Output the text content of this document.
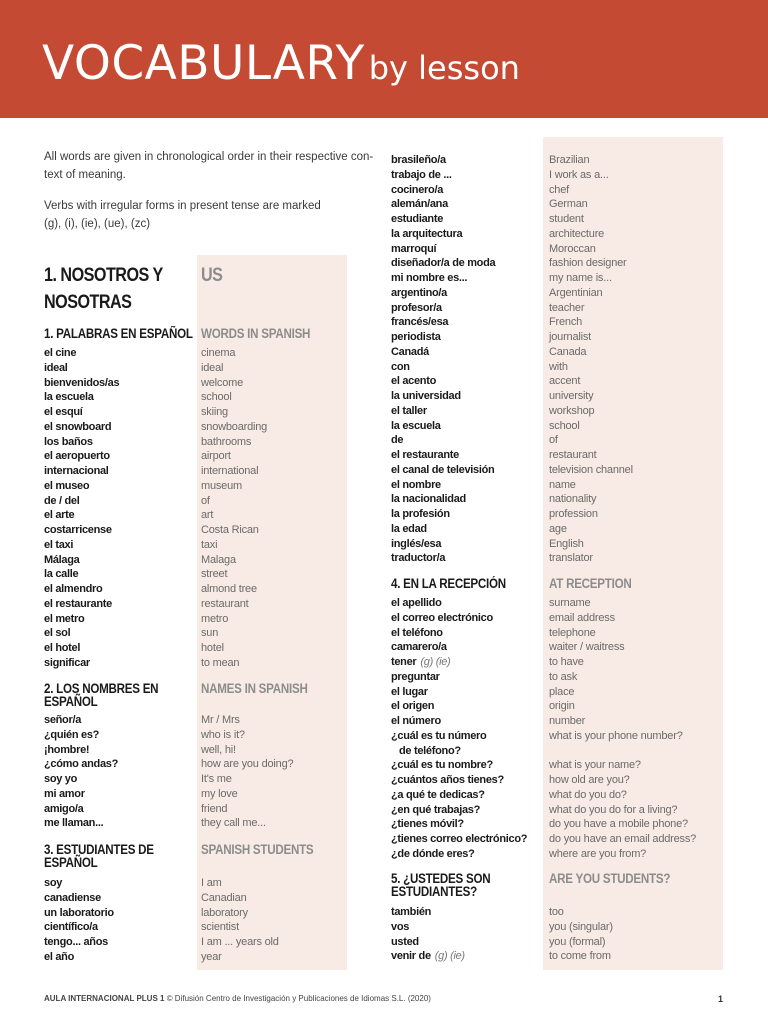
VOCABULARY by lesson

All words are given in chronological order in their respective con-text of meaning.

Verbs with irregular forms in present tense are marked

(g), (i), (ie), (ue), (zc)

1. NOSOTROS Y NOSOTRAS
US
1. PALABRAS EN ESPAÑOL WORDS IN SPANISH
el cine
ideal
bienvenidos/as
la escuela
el esquí
el snowboard
los baños
el aeropuerto
internacional
el museo
de / del
el arte
costarricense
el taxi
Málaga
la calle
el almendro
el restaurante
el metro
el sol
el hotel
significar
cinema
ideal
welcome
school
skiing
snowboarding
bathrooms
airport
international
museum
of
art
Costa Rican
taxi
Malaga
street
almond tree
restaurant
metro
sun
hotel
to mean
2. LOS NOMBRES EN ESPAÑOL
NAMES IN SPANISH
señor/a
¿quién es?
¡hombre!
¿cómo andas?
soy yo
mi amor
amigo/a
me llaman...
Mr / Mrs
who is it?
well, hi!
how are you doing?
It's me
my love
friend
they call me...
3. ESTUDIANTES DE ESPAÑOL
SPANISH STUDENTS
soy
canadiense
un laboratorio
científico/a
tengo... años
el año
I am
Canadian
laboratory
scientist
I am ... years old
year
brasileño/a
trabajo de ...
cocinero/a
alemán/ana
estudiante
la arquitectura
marroquí
diseñador/a de moda
mi nombre es...
argentino/a
profesor/a
francés/esa
periodista
Canadá
con
el acento
la universidad
el taller
la escuela
de
el restaurante
el canal de televisión
el nombre
la nacionalidad
la profesión
la edad
inglés/esa
traductor/a
Brazilian
I work as a...
chef
German
student
architecture
Moroccan
fashion designer
my name is...
Argentinian
teacher
French
journalist
Canada
with
accent
university
workshop
school
of
restaurant
television channel
name
nationality
profession
age
English
translator
4. EN LA RECEPCIÓN	AT RECEPTION
el apellido
el correo electrónico
el teléfono
camarero/a
tener (g) (ie)
preguntar
el lugar
el origen
el número
¿cuál es tu número
de teléfono?
¿cuál es tu nombre?
¿cuántos años tienes?
¿a qué te dedicas?
¿en qué trabajas?
¿tienes móvil?
¿tienes correo electrónico?
¿de dónde eres?
surname
email address
telephone
waiter / waitress
to have
to ask
place
origin
number
what is your phone number?
what is your name?
how old are you?
what do you do?
what do you do for a living?
do you have a mobile phone?
do you have an email address?
where are you from?
5. ¿USTEDES SON ESTUDIANTES?
ARE YOU STUDENTS?
también
vos
usted
venir de (g) (ie)
too
you (singular)
you (formal)
to come from
AULA INTERNACIONAL PLUS 1 © Difusión Centro de Investigación y Publicaciones de Idiomas S.L. (2020)	1
